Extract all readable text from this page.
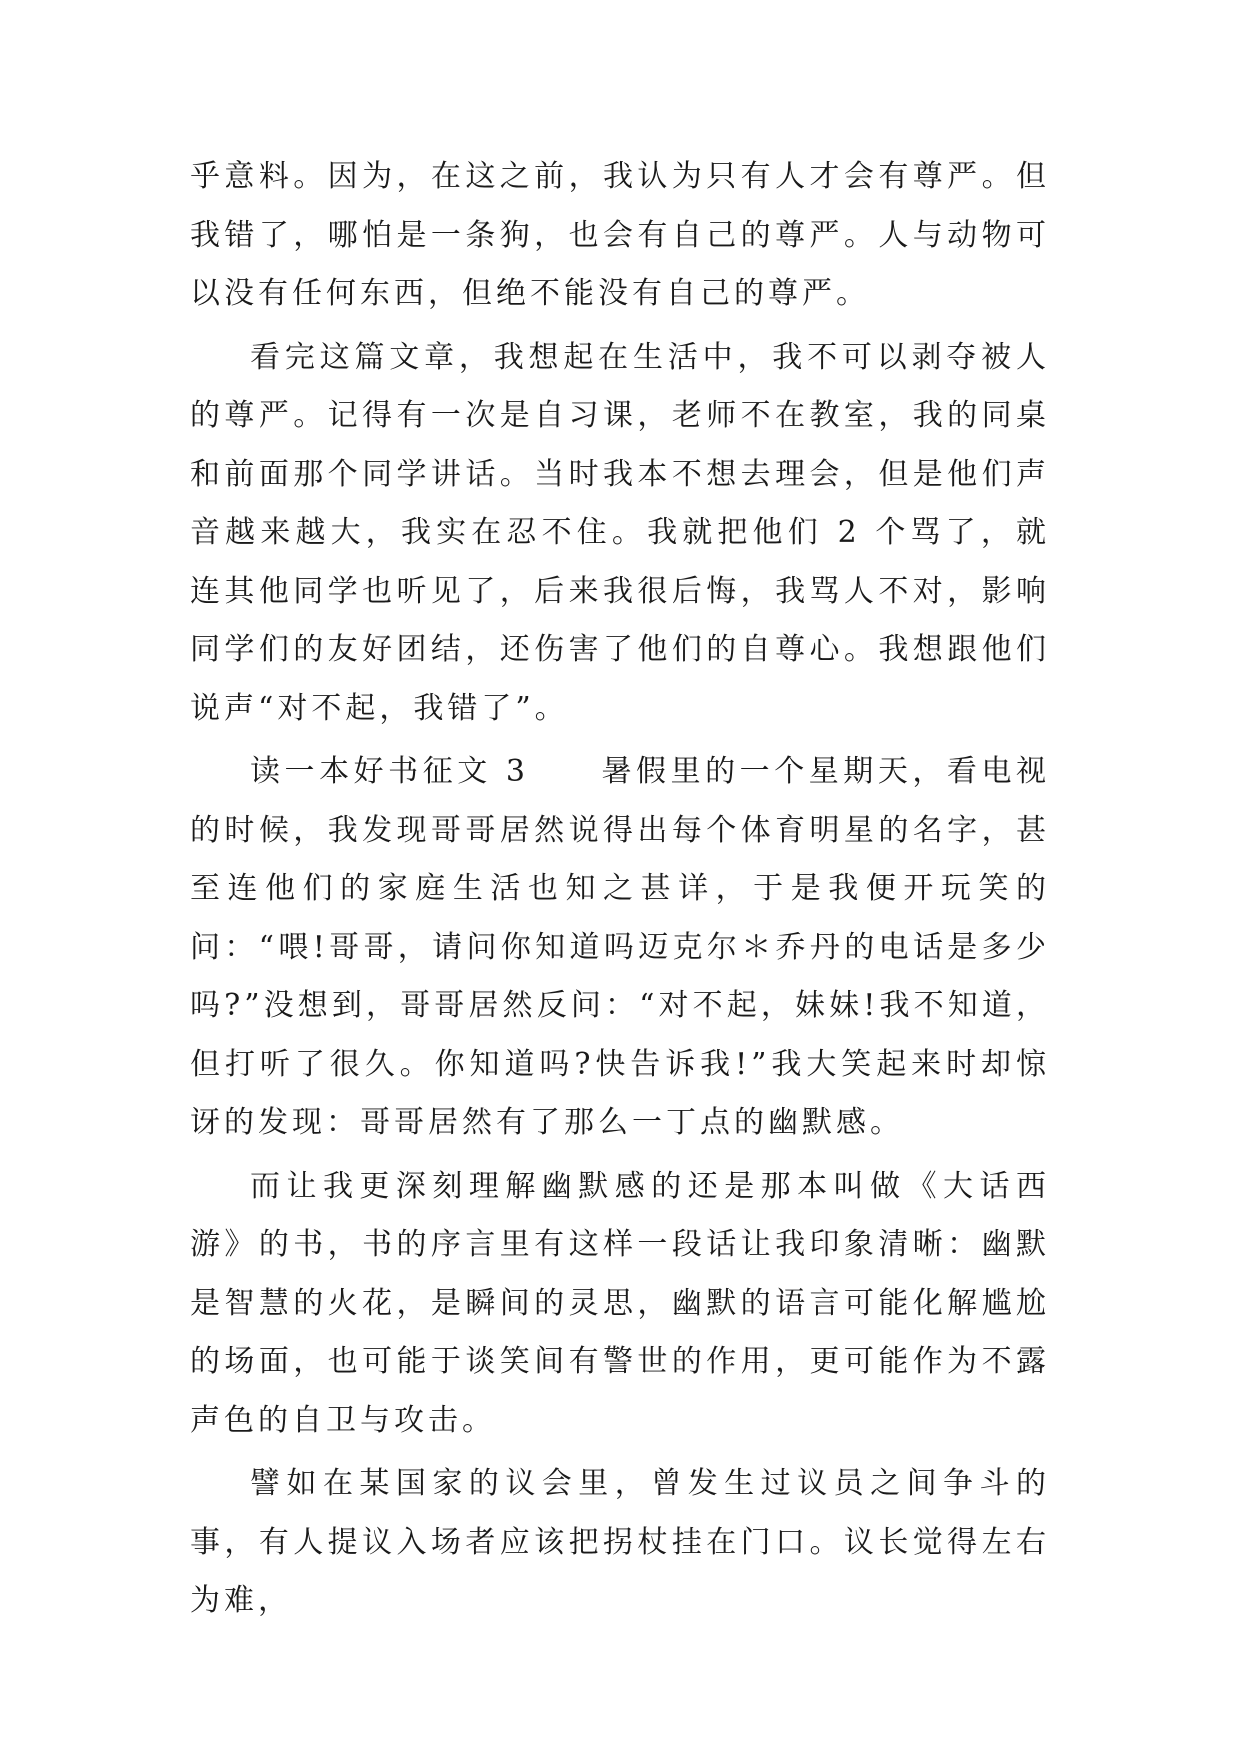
乎意料。因为，在这之前，我认为只有人才会有尊严。但我错了，哪怕是一条狗，也会有自己的尊严。人与动物可以没有任何东西，但绝不能没有自己的尊严。

看完这篇文章，我想起在生活中，我不可以剥夺被人的尊严。记得有一次是自习课，老师不在教室，我的同桌和前面那个同学讲话。当时我本不想去理会，但是他们声音越来越大，我实在忍不住。我就把他们 2 个骂了，就连其他同学也听见了，后来我很后悔，我骂人不对，影响同学们的友好团结，还伤害了他们的自尊心。我想跟他们说声“对不起，我错了”。

读一本好书征文 3 暑假里的一个星期天，看电视的时候，我发现哥哥居然说得出每个体育明星的名字，甚至连他们的家庭生活也知之甚详，于是我便开玩笑的问：“喂!哥哥，请问你知道吗迈克尔＊乔丹的电话是多少吗?”没想到，哥哥居然反问：“对不起，妹妹!我不知道，但打听了很久。你知道吗?快告诉我!”我大笑起来时却惊讶的发现：哥哥居然有了那么一丁点的幽默感。

而让我更深刻理解幽默感的还是那本叫做《大话西游》的书，书的序言里有这样一段话让我印象清晰：幽默是智慧的火花，是瞬间的灵思，幽默的语言可能化解尴尬的场面，也可能于谈笑间有警世的作用，更可能作为不露声色的自卫与攻击。

譬如在某国家的议会里，曾发生过议员之间争斗的事，有人提议入场者应该把拐杖挂在门口。议长觉得左右为难，
